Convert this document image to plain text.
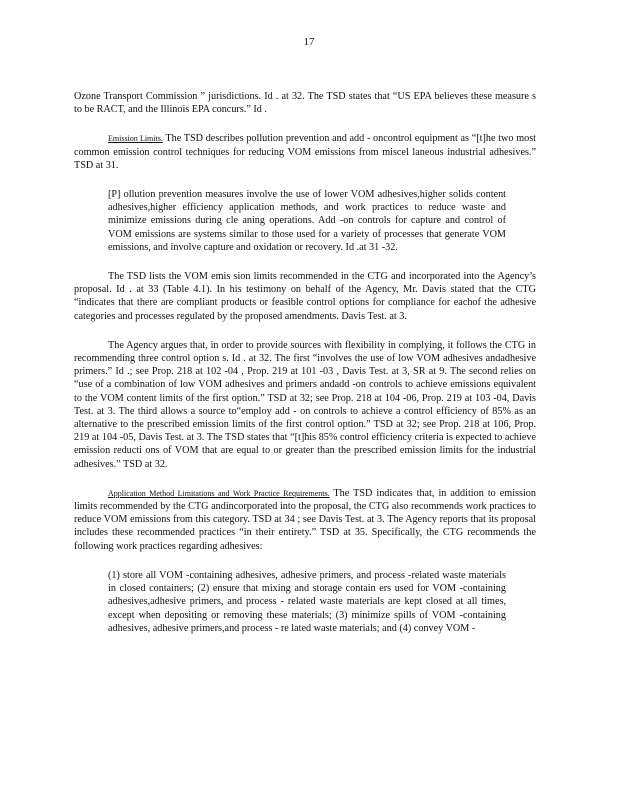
17

Ozone Transport Commission ” jurisdictions. Id . at 32. The TSD states that “US EPA believes these measure s to be RACT, and the Illinois EPA concurs.” Id .

Emission Limits. The TSD describes pollution prevention and add - oncontrol equipment as “[t]he two most common emission control techniques for reducing VOM emissions from miscel laneous industrial adhesives.” TSD at 31.

[P] ollution prevention measures involve the use of lower VOM adhesives,higher solids content adhesives,higher efficiency application methods, and work practices to reduce waste and minimize emissions during cle aning operations. Add -on controls for capture and control of VOM emissions are systems similar to those used for a variety of processes that generate VOM emissions, and involve capture and oxidation or recovery. Id .at 31 -32.

The TSD lists the VOM emis sion limits recommended in the CTG and incorporated into the Agency’s proposal. Id . at 33 (Table 4.1). In his testimony on behalf of the Agency, Mr. Davis stated that the CTG “indicates that there are compliant products or feasible control options for compliance for eachof the adhesive categories and processes regulated by the proposed amendments. Davis Test. at 3.

The Agency argues that, in order to provide sources with flexibility in complying, it follows the CTG in recommending three control option s. Id . at 32. The first “involves the use of low VOM adhesives andadhesive primers.” Id .; see Prop. 218 at 102 -04 , Prop. 219 at 101 -03 , Davis Test. at 3, SR at 9. The second relies on “use of a combination of low VOM adhesives and primers andadd -on controls to achieve emissions equivalent to the VOM content limits of the first option.” TSD at 32; see Prop. 218 at 104 -06, Prop. 219 at 103 -04, Davis Test. at 3. The third allows a source to“employ add - on controls to achieve a control efficiency of 85% as an alternative to the prescribed emission limits of the first control option.” TSD at 32; see Prop. 218 at 106, Prop. 219 at 104 -05, Davis Test. at 3. The TSD states that “[t]his 85% control efficiency criteria is expected to achieve emission reducti ons of VOM that are equal to or greater than the prescribed emission limits for the industrial adhesives.” TSD at 32.

Application Method Limitations and Work Practice Requirements. The TSD indicates that, in addition to emission limits recommended by the CTG andincorporated into the proposal, the CTG also recommends work practices to reduce VOM emissions from this category. TSD at 34 ; see Davis Test. at 3. The Agency reports that its proposal includes these recommended practices “in their entirety.” TSD at 35. Specifically, the CTG recommends the following work practices regarding adhesives:

(1) store all VOM -containing adhesives, adhesive primers, and process -related waste materials in closed containers; (2) ensure that mixing and storage contain ers used for VOM -containing adhesives,adhesive primers, and process - related waste materials are kept closed at all times, except when depositing or removing these materials; (3) minimize spills of VOM -containing adhesives, adhesive primers,and process - re lated waste materials; and (4) convey VOM -
